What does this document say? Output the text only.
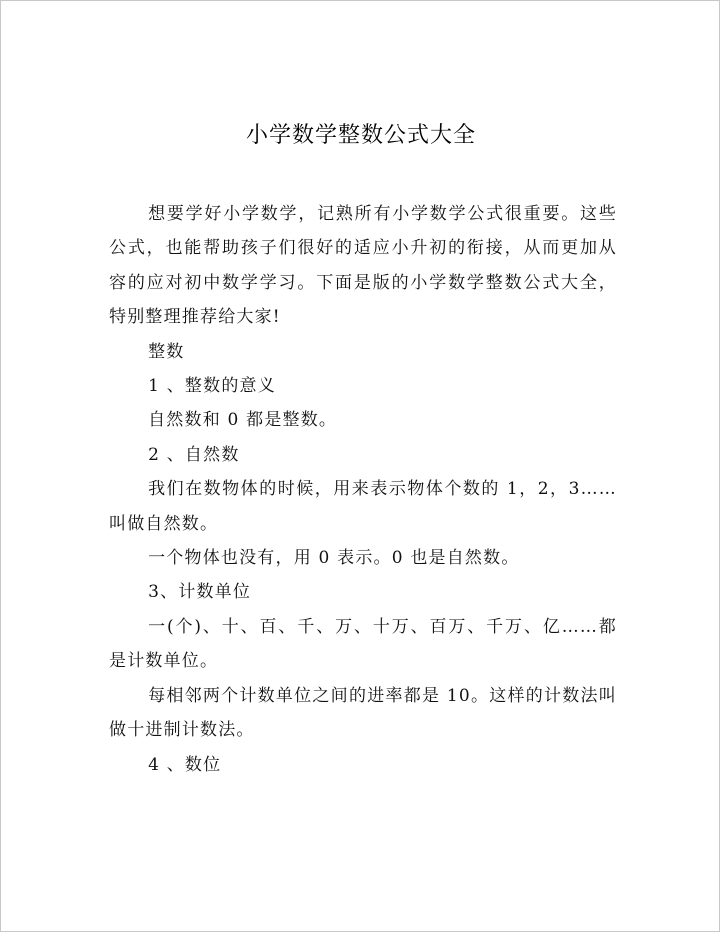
小学数学整数公式大全

想要学好小学数学，记熟所有小学数学公式很重要。这些公式，也能帮助孩子们很好的适应小升初的衔接，从而更加从容的应对初中数学学习。下面是版的小学数学整数公式大全，特别整理推荐给大家!

整数

1 、整数的意义

自然数和 0 都是整数。

2 、自然数

我们在数物体的时候，用来表示物体个数的 1，2，3……叫做自然数。

一个物体也没有，用 0 表示。0 也是自然数。

3、计数单位

一(个)、十、百、千、万、十万、百万、千万、亿……都是计数单位。

每相邻两个计数单位之间的进率都是 10。这样的计数法叫做十进制计数法。

4 、数位
